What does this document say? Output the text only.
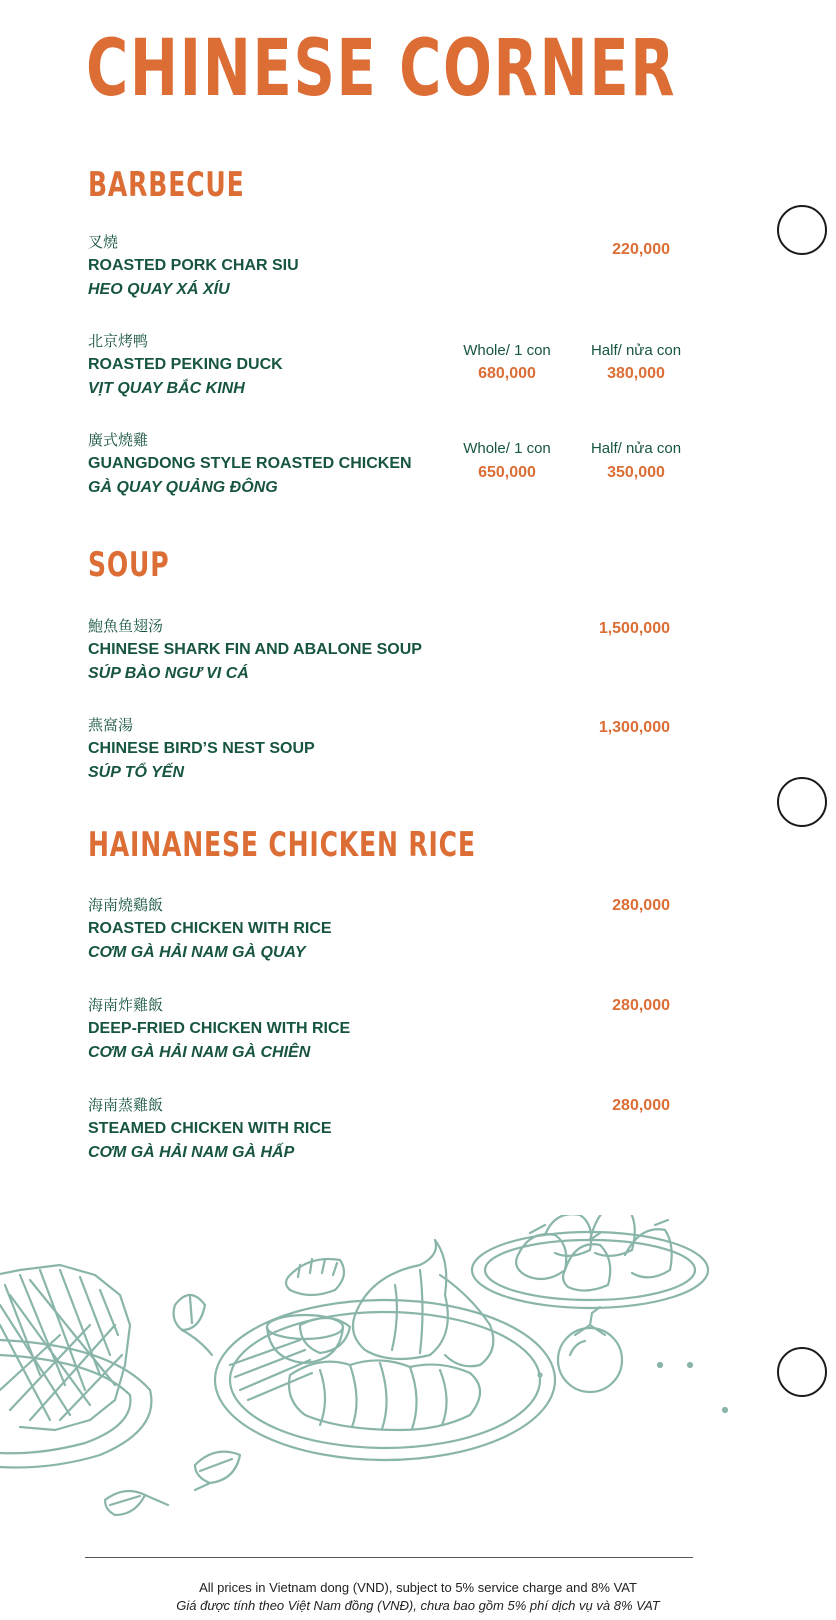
CHINESE CORNER
BARBECUE
叉燒
ROASTED PORK CHAR SIU
HEO QUAY XÁ XÍU
220,000
北京烤鸭
ROASTED PEKING DUCK
VỊT QUAY BẮC KINH
Whole/ 1 con
680,000
Half/ nửa con
380,000
廣式燒雞
GUANGDONG STYLE ROASTED CHICKEN
GÀ QUAY QUẢNG ĐÔNG
Whole/ 1 con
650,000
Half/ nửa con
350,000
SOUP
鮑魚鱼翅汤
CHINESE SHARK FIN AND ABALONE SOUP
SÚP BÀO NGƯ VI CÁ
1,500,000
燕窩湯
CHINESE BIRD’S NEST SOUP
SÚP TỔ YẾN
1,300,000
HAINANESE CHICKEN RICE
海南燒鷄飯
ROASTED CHICKEN WITH RICE
CƠM GÀ HẢI NAM GÀ QUAY
280,000
海南炸雞飯
DEEP-FRIED CHICKEN WITH RICE
CƠM GÀ HẢI NAM GÀ CHIÊN
280,000
海南蒸雞飯
STEAMED CHICKEN WITH RICE
CƠM GÀ HẢI NAM GÀ HẤP
280,000
All prices in Vietnam dong (VND), subject to 5% service charge and 8% VAT
Giá được tính theo Việt Nam đồng (VNĐ), chưa bao gồm 5% phí dịch vụ và 8% VAT
